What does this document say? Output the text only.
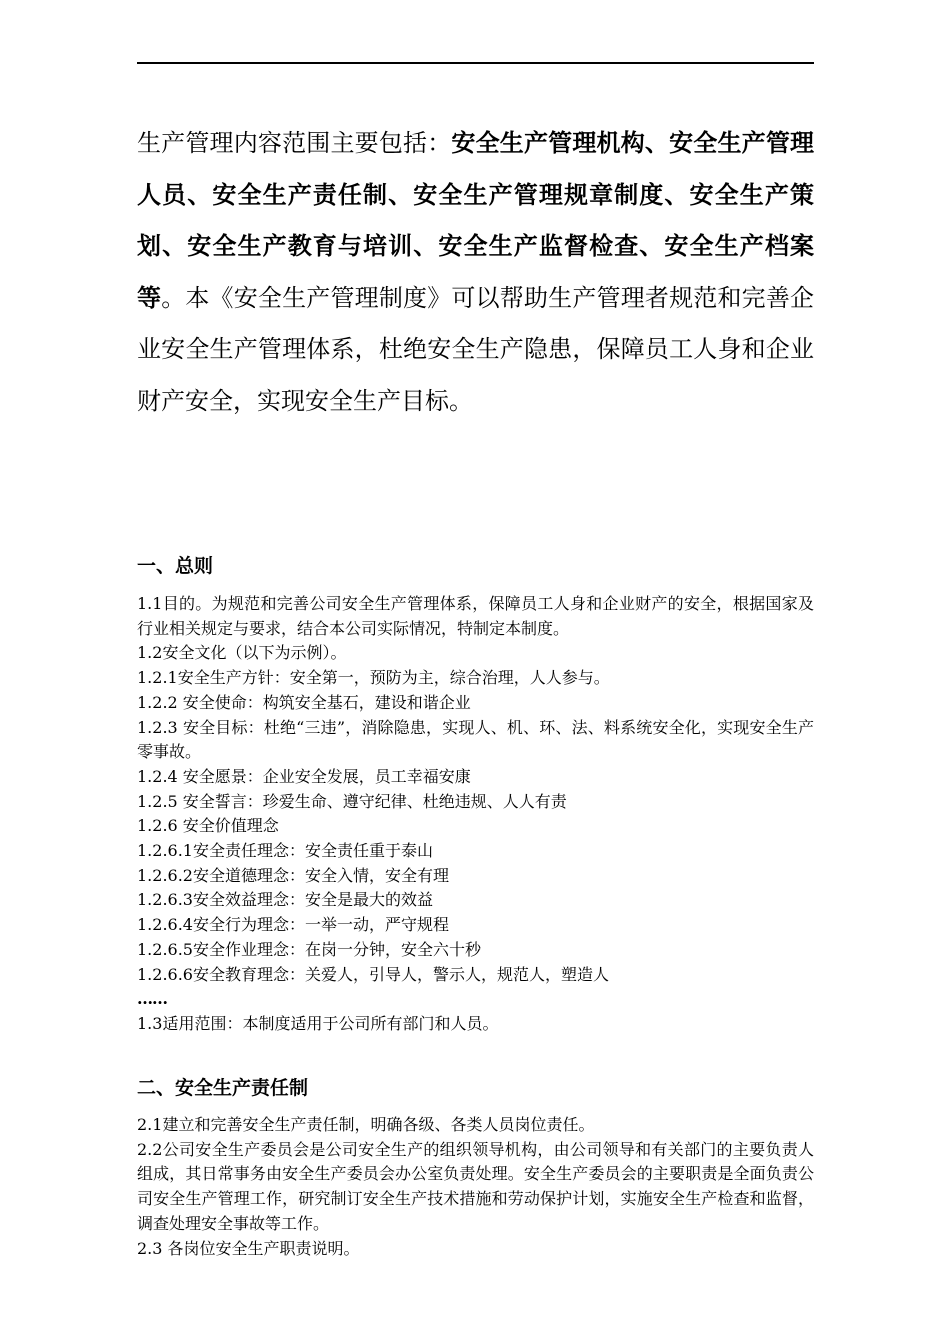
生产管理内容范围主要包括：安全生产管理机构、安全生产管理人员、安全生产责任制、安全生产管理规章制度、安全生产策划、安全生产教育与培训、安全生产监督检查、安全生产档案等。本《安全生产管理制度》可以帮助生产管理者规范和完善企业安全生产管理体系，杜绝安全生产隐患，保障员工人身和企业财产安全，实现安全生产目标。

一、总则

1.1目的。为规范和完善公司安全生产管理体系，保障员工人身和企业财产的安全，根据国家及行业相关规定与要求，结合本公司实际情况，特制定本制度。

1.2安全文化（以下为示例）。

1.2.1安全生产方针：安全第一，预防为主，综合治理，人人参与。

1.2.2 安全使命：构筑安全基石，建设和谐企业

1.2.3 安全目标：杜绝“三违”，消除隐患，实现人、机、环、法、料系统安全化，实现安全生产零事故。

1.2.4 安全愿景：企业安全发展，员工幸福安康

1.2.5 安全誓言：珍爱生命、遵守纪律、杜绝违规、人人有责

1.2.6 安全价值理念

1.2.6.1安全责任理念：安全责任重于泰山

1.2.6.2安全道德理念：安全入情，安全有理

1.2.6.3安全效益理念：安全是最大的效益

1.2.6.4安全行为理念：一举一动，严守规程

1.2.6.5安全作业理念：在岗一分钟，安全六十秒

1.2.6.6安全教育理念：关爱人，引导人，警示人，规范人，塑造人

……

1.3适用范围：本制度适用于公司所有部门和人员。

二、安全生产责任制

2.1建立和完善安全生产责任制，明确各级、各类人员岗位责任。

2.2公司安全生产委员会是公司安全生产的组织领导机构，由公司领导和有关部门的主要负责人组成，其日常事务由安全生产委员会办公室负责处理。安全生产委员会的主要职责是全面负责公司安全生产管理工作，研究制订安全生产技术措施和劳动保护计划，实施安全生产检查和监督，调查处理安全事故等工作。

2.3 各岗位安全生产职责说明。
